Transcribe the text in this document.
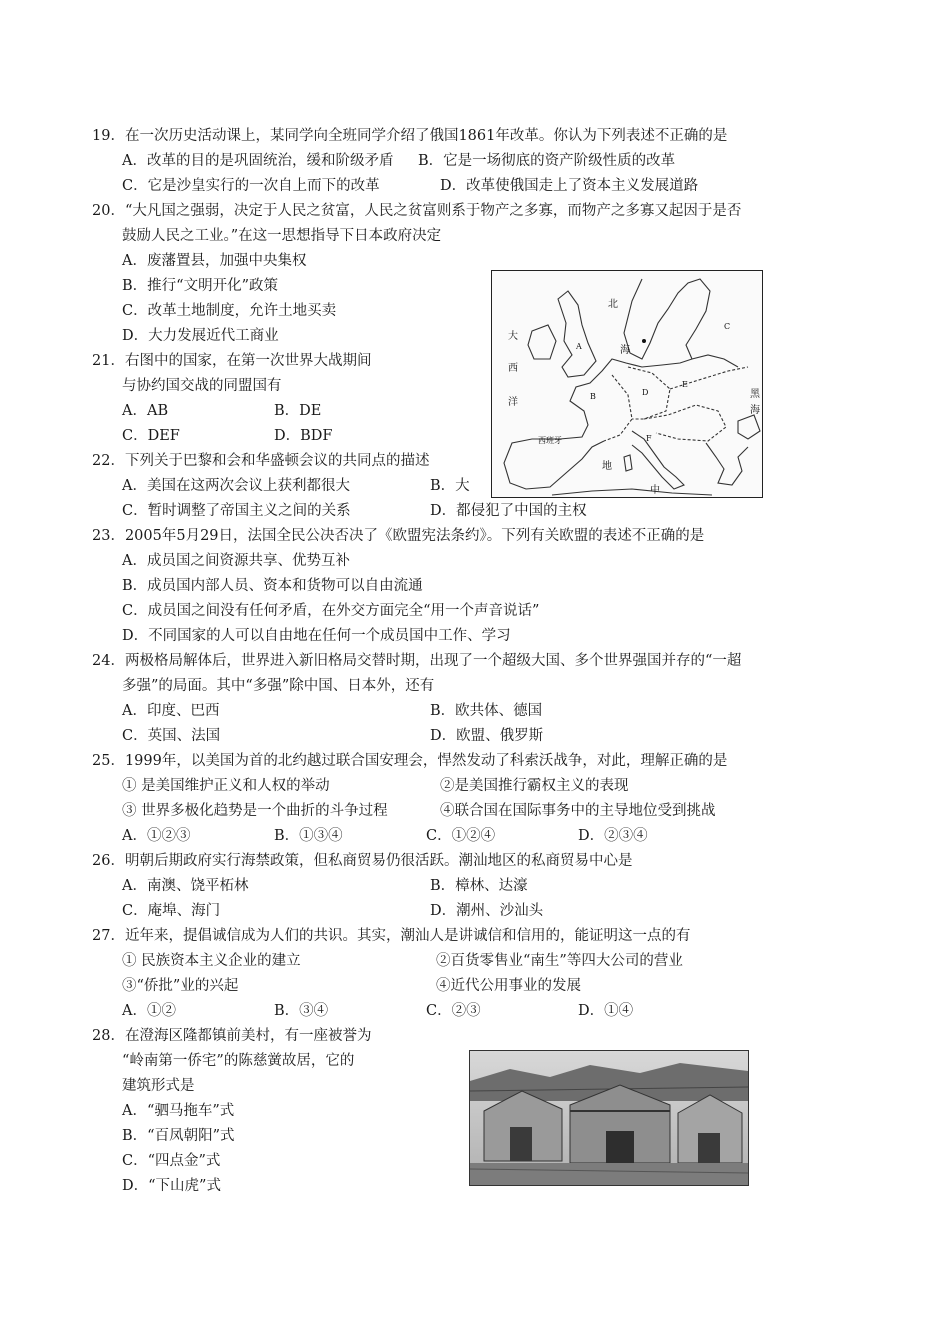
19．在一次历史活动课上，某同学向全班同学介绍了俄国1861年改革。你认为下列表述不正确的是
A．改革的目的是巩固统治，缓和阶级矛盾 B．它是一场彻底的资产阶级性质的改革
C．它是沙皇实行的一次自上而下的改革	D．改革使俄国走上了资本主义发展道路
20．“大凡国之强弱，决定于人民之贫富，人民之贫富则系于物产之多寡，而物产之多寡又起因于是否
鼓励人民之工业。”在这一思想指导下日本政府决定
A．废藩置县，加强中央集权
B．推行“文明开化”政策
C．改革土地制度，允许土地买卖
D．大力发展近代工商业
21．右图中的国家，在第一次世界大战期间
与协约国交战的同盟国有
A．AB	B．DE
C．DEF	D．BDF
北
海
大
西
洋
西班牙
地
中
黑
海
A
B
C
D
E
F
22．下列关于巴黎和会和华盛顿会议的共同点的描述
A．美国在这两次会议上获利都很大	B．大
C．暂时调整了帝国主义之间的关系	D．都侵犯了中国的主权
23．2005年5月29日，法国全民公决否决了《欧盟宪法条约》。下列有关欧盟的表述不正确的是
A．成员国之间资源共享、优势互补
B．成员国内部人员、资本和货物可以自由流通
C．成员国之间没有任何矛盾，在外交方面完全“用一个声音说话”
D．不同国家的人可以自由地在任何一个成员国中工作、学习
24．两极格局解体后，世界进入新旧格局交替时期，出现了一个超级大国、多个世界强国并存的“一超
多强”的局面。其中“多强”除中国、日本外，还有
A．印度、巴西	B．欧共体、德国
C．英国、法国	D．欧盟、俄罗斯
25．1999年，以美国为首的北约越过联合国安理会，悍然发动了科索沃战争，对此，理解正确的是
① 是美国维护正义和人权的举动	②是美国推行霸权主义的表现
③ 世界多极化趋势是一个曲折的斗争过程	④联合国在国际事务中的主导地位受到挑战
A．①②③	B．①③④	C．①②④	D．②③④
26．明朝后期政府实行海禁政策，但私商贸易仍很活跃。潮汕地区的私商贸易中心是
A．南澳、饶平柘林	B．樟林、达濠
C．庵埠、海门	D．潮州、沙汕头
27．近年来，提倡诚信成为人们的共识。其实，潮汕人是讲诚信和信用的，能证明这一点的有
① 民族资本主义企业的建立	②百货零售业“南生”等四大公司的营业
③“侨批”业的兴起	④近代公用事业的发展
A．①②	B．③④	C．②③	D．①④
28．在澄海区隆都镇前美村，有一座被誉为
“岭南第一侨宅”的陈慈黉故居，它的
建筑形式是
A．“驷马拖车”式
B．“百凤朝阳”式
C．“四点金”式
D．“下山虎”式
